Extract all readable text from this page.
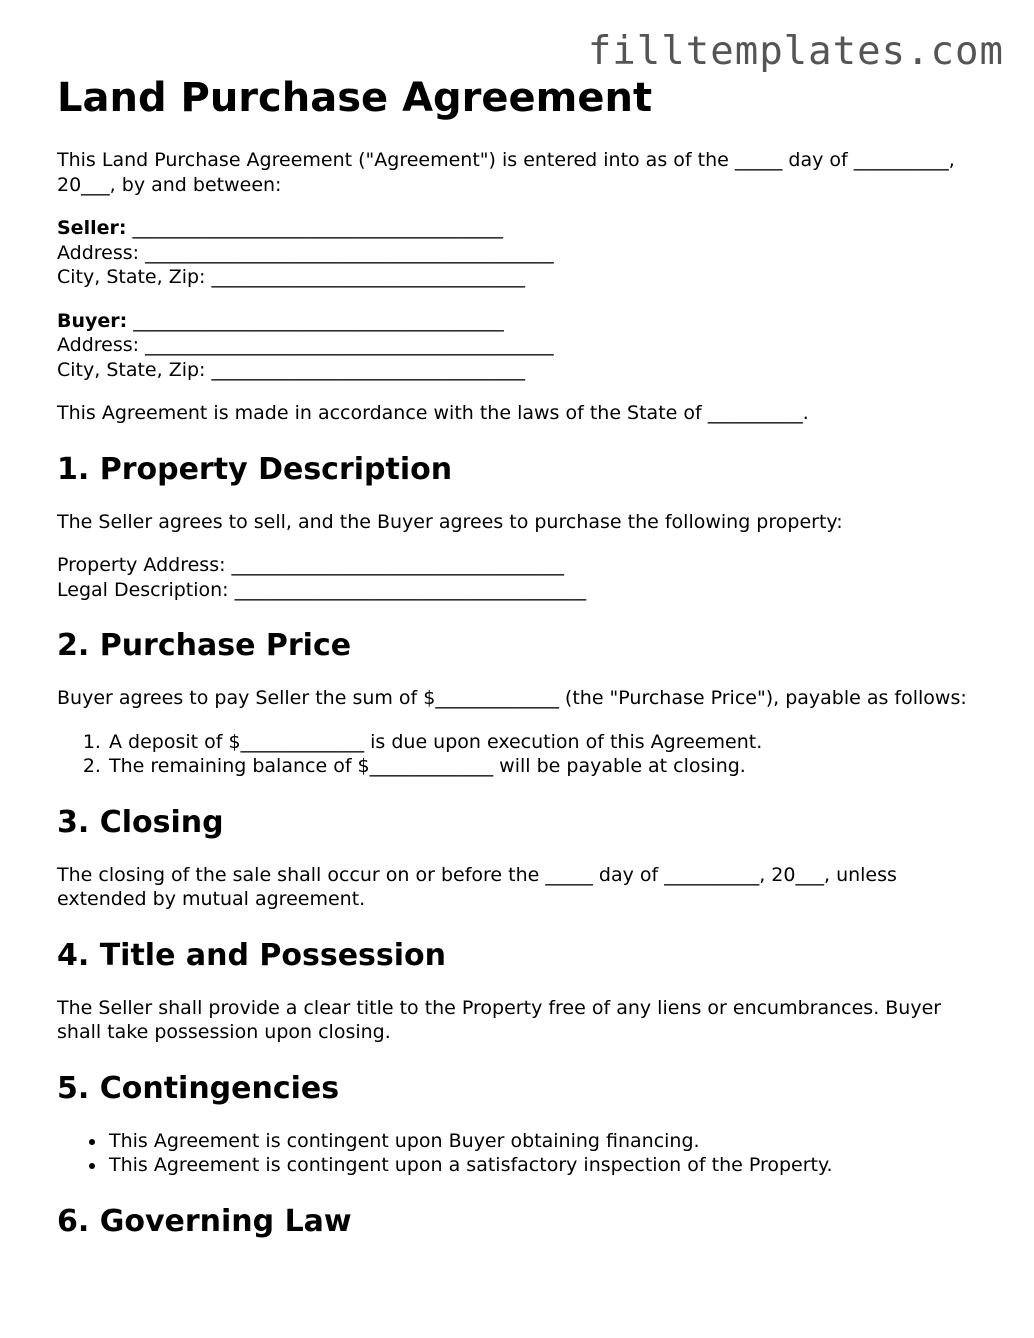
filltemplates.com
Land Purchase Agreement

This Land Purchase Agreement ("Agreement") is entered into as of the _____ day of __________, 20___, by and between:

Seller: _______________________________________
Address: ___________________________________________
City, State, Zip: _________________________________
Buyer: _______________________________________
Address: ___________________________________________
City, State, Zip: _________________________________

This Agreement is made in accordance with the laws of the State of __________.

1. Property Description

The Seller agrees to sell, and the Buyer agrees to purchase the following property:

Property Address: ___________________________________
Legal Description: _____________________________________
2. Purchase Price

Buyer agrees to pay Seller the sum of $_____________ (the "Purchase Price"), payable as follows:

1. A deposit of $_____________ is due upon execution of this Agreement.
2. The remaining balance of $_____________ will be payable at closing.
3. Closing

The closing of the sale shall occur on or before the _____ day of __________, 20___, unless extended by mutual agreement.

4. Title and Possession

The Seller shall provide a clear title to the Property free of any liens or encumbrances. Buyer shall take possession upon closing.

5. Contingencies
• This Agreement is contingent upon Buyer obtaining financing.
• This Agreement is contingent upon a satisfactory inspection of the Property.
6. Governing Law
